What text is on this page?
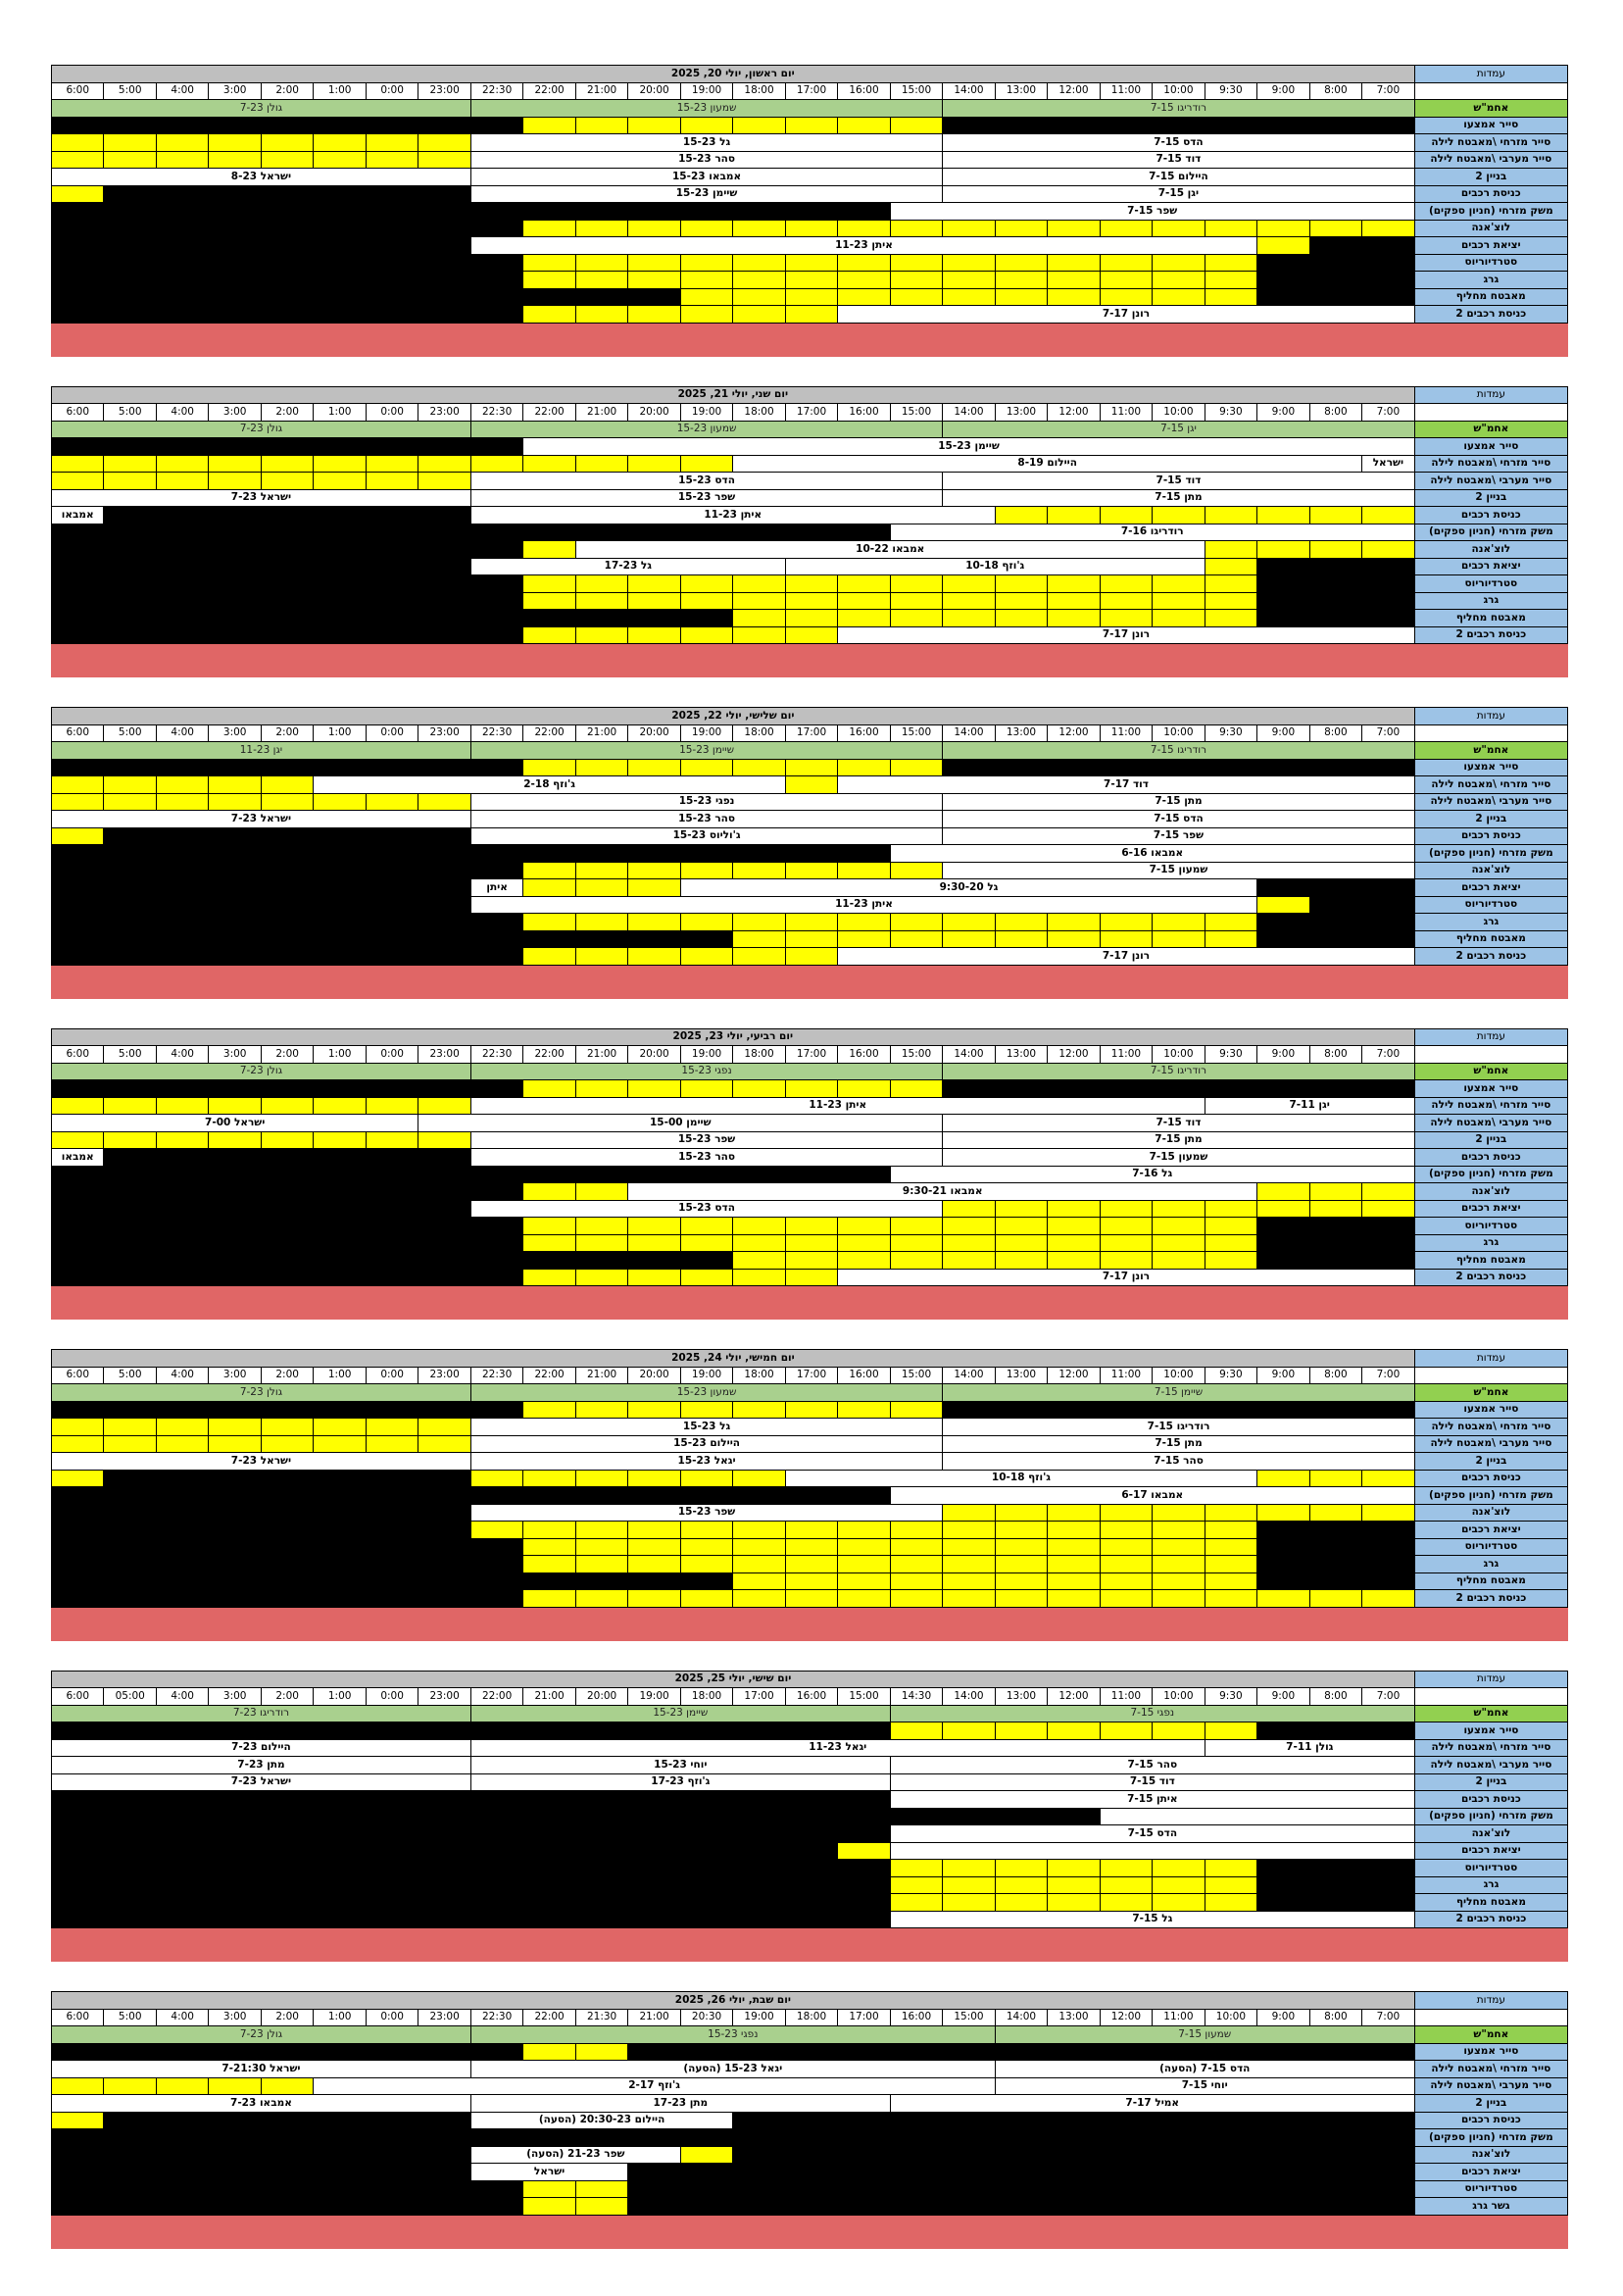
יום ראשון, יולי 20, 2025																										עמדות
6:00	5:00	4:00	3:00	2:00	1:00	0:00	23:00	22:30	22:00	21:00	20:00	19:00	18:00	17:00	16:00	15:00	14:00	13:00	12:00	11:00	10:00	9:30	9:00	8:00	7:00	
גולן 7-23								שמעון 15-23									רודריגו 7-15									אחמ"ש
																										סייר אמצעו
								גל 15-23									הדס 7-15									סייר מזרחי \מאבטח לילה
								סהר 15-23									דוד 7-15									סייר מערבי \מאבטח לילה
ישראל 8-23								אמבאו 15-23									היילום 7-15									בניין 2
								שיימן 15-23									יגן 7-15									כניסת רכבים
																שפר 7-15										משק מזרחי (חניון ספקים)
																										לוצ'אנה
								איתן 11-23																		יציאת רכבים
																										סטרדיוריוס
																										גרג
																										מאבטח מחליף
															רונן 7-17											כניסת רכבים 2
יום שני, יולי 21, 2025																										עמדות
6:00	5:00	4:00	3:00	2:00	1:00	0:00	23:00	22:30	22:00	21:00	20:00	19:00	18:00	17:00	16:00	15:00	14:00	13:00	12:00	11:00	10:00	9:30	9:00	8:00	7:00	
גולן 7-23								שמעון 15-23									יגן 7-15									אחמ"ש
									שיימן 15-23																	סייר אמצעו
													היילום 8-19												ישראל	סייר מזרחי \מאבטח לילה
								הדס 15-23									דוד 7-15									סייר מערבי \מאבטח לילה
ישראל 7-23								שפר 15-23									מתן 7-15									בניין 2
אמבאו								איתן 11-23																		כניסת רכבים
																רודריגו 7-16										משק מזרחי (חניון ספקים)
										אמבאו 10-22																לוצ'אנה
								גל 17-23						ג'וזף 10-18												יציאת רכבים
																										סטרדיוריוס
																										גרג
																										מאבטח מחליף
															רונן 7-17											כניסת רכבים 2
יום שלישי, יולי 22, 2025																										עמדות
6:00	5:00	4:00	3:00	2:00	1:00	0:00	23:00	22:30	22:00	21:00	20:00	19:00	18:00	17:00	16:00	15:00	14:00	13:00	12:00	11:00	10:00	9:30	9:00	8:00	7:00	
יגן 11-23								שיימן 15-23									רודריגו 7-15									אחמ"ש
																										סייר אמצעו
					ג'וזף 2-18										דוד 7-17											סייר מזרחי \מאבטח לילה
								נפגי 15-23									מתן 7-15									סייר מערבי \מאבטח לילה
ישראל 7-23								סהר 15-23									הדס 7-15									בניין 2
								ג'וליוס 15-23									שפר 7-15									כניסת רכבים
																אמבאו 6-16										משק מזרחי (חניון ספקים)
																	שמעון 7-15									לוצ'אנה
								איתן				גל 9:30-20														יציאת רכבים
								איתן 11-23																		סטרדיוריוס
																										גרג
																										מאבטח מחליף
															רונן 7-17											כניסת רכבים 2
יום רביעי, יולי 23, 2025																										עמדות
6:00	5:00	4:00	3:00	2:00	1:00	0:00	23:00	22:30	22:00	21:00	20:00	19:00	18:00	17:00	16:00	15:00	14:00	13:00	12:00	11:00	10:00	9:30	9:00	8:00	7:00	
גולן 7-23								נפגי 15-23									רודריגו 7-15									אחמ"ש
																										סייר אמצעו
								איתן 11-23														יגן 7-11				סייר מזרחי \מאבטח לילה
ישראל 7-00							שיימן 15-00										דוד 7-15									סייר מערבי \מאבטח לילה
								שפר 15-23									מתן 7-15									בניין 2
אמבאו								סהר 15-23									שמעון 7-15									כניסת רכבים
																גל 7-16										משק מזרחי (חניון ספקים)
											אמבאו 9:30-21															לוצ'אנה
								הדס 15-23																		יציאת רכבים
																										סטרדיוריוס
																										גרג
																										מאבטח מחליף
															רונן 7-17											כניסת רכבים 2
יום חמישי, יולי 24, 2025																										עמדות
6:00	5:00	4:00	3:00	2:00	1:00	0:00	23:00	22:30	22:00	21:00	20:00	19:00	18:00	17:00	16:00	15:00	14:00	13:00	12:00	11:00	10:00	9:30	9:00	8:00	7:00	
גולן 7-23								שמעון 15-23									שיימן 7-15									אחמ"ש
																										סייר אמצעו
								גל 15-23									רודריגו 7-15									סייר מזרחי \מאבטח לילה
								היילום 15-23									מתן 7-15									סייר מערבי \מאבטח לילה
ישראל 7-23								יגאל 15-23									סהר 7-15									בניין 2
														ג'וזף 10-18												כניסת רכבים
																אמבאו 6-17										משק מזרחי (חניון ספקים)
								שפר 15-23																		לוצ'אנה
																										יציאת רכבים
																										סטרדיוריוס
																										גרג
																										מאבטח מחליף
																										כניסת רכבים 2
יום שישי, יולי 25, 2025																										עמדות
6:00	05:00	4:00	3:00	2:00	1:00	0:00	23:00	22:00	21:00	20:00	19:00	18:00	17:00	16:00	15:00	14:30	14:00	13:00	12:00	11:00	10:00	9:30	9:00	8:00	7:00	
רודריגו 7-23								שיימן 15-23								נפגי 7-15										אחמ"ש
																										סייר אמצעו
היילום 7-23								יגאל 11-23														גולן 7-11				סייר מזרחי \מאבטח לילה
מתן 7-23								יוחי 15-23								סהר 7-15										סייר מערבי \מאבטח לילה
ישראל 7-23								ג'וזף 17-23								דוד 7-15										בניין 2
																איתן 7-15										כניסת רכבים
																										משק מזרחי (חניון ספקים)
																הדס 7-15										לוצ'אנה
																										יציאת רכבים
																										סטרדיוריוס
																										גרג
																										מאבטח מחליף
																גל 7-15										כניסת רכבים 2
יום שבת, יולי 26, 2025																										עמדות
6:00	5:00	4:00	3:00	2:00	1:00	0:00	23:00	22:30	22:00	21:30	21:00	20:30	19:00	18:00	17:00	16:00	15:00	14:00	13:00	12:00	11:00	10:00	9:00	8:00	7:00	
גולן 7-23								נפגי 15-23										שמעון 7-15								אחמ"ש
																										סייר אמצעו
ישראל 7-21:30								יגאל 15-23 (הסעה)										הדס 7-15 (הסעה)								סייר מזרחי \מאבטח לילה
					ג'וזף 2-17													יוחי 7-15								סייר מערבי \מאבטח לילה
אמבאו 7-23								מתן 17-23								אמיל 7-17										בניין 2
								היילום 20:30-23 (הסעה)																		כניסת רכבים
																										משק מזרחי (חניון ספקים)
								שפר 21-23 (הסעה)																		לוצ'אנה
								ישראל																		יציאת רכבים
																										סטרדיוריוס
																										גשר גרג
